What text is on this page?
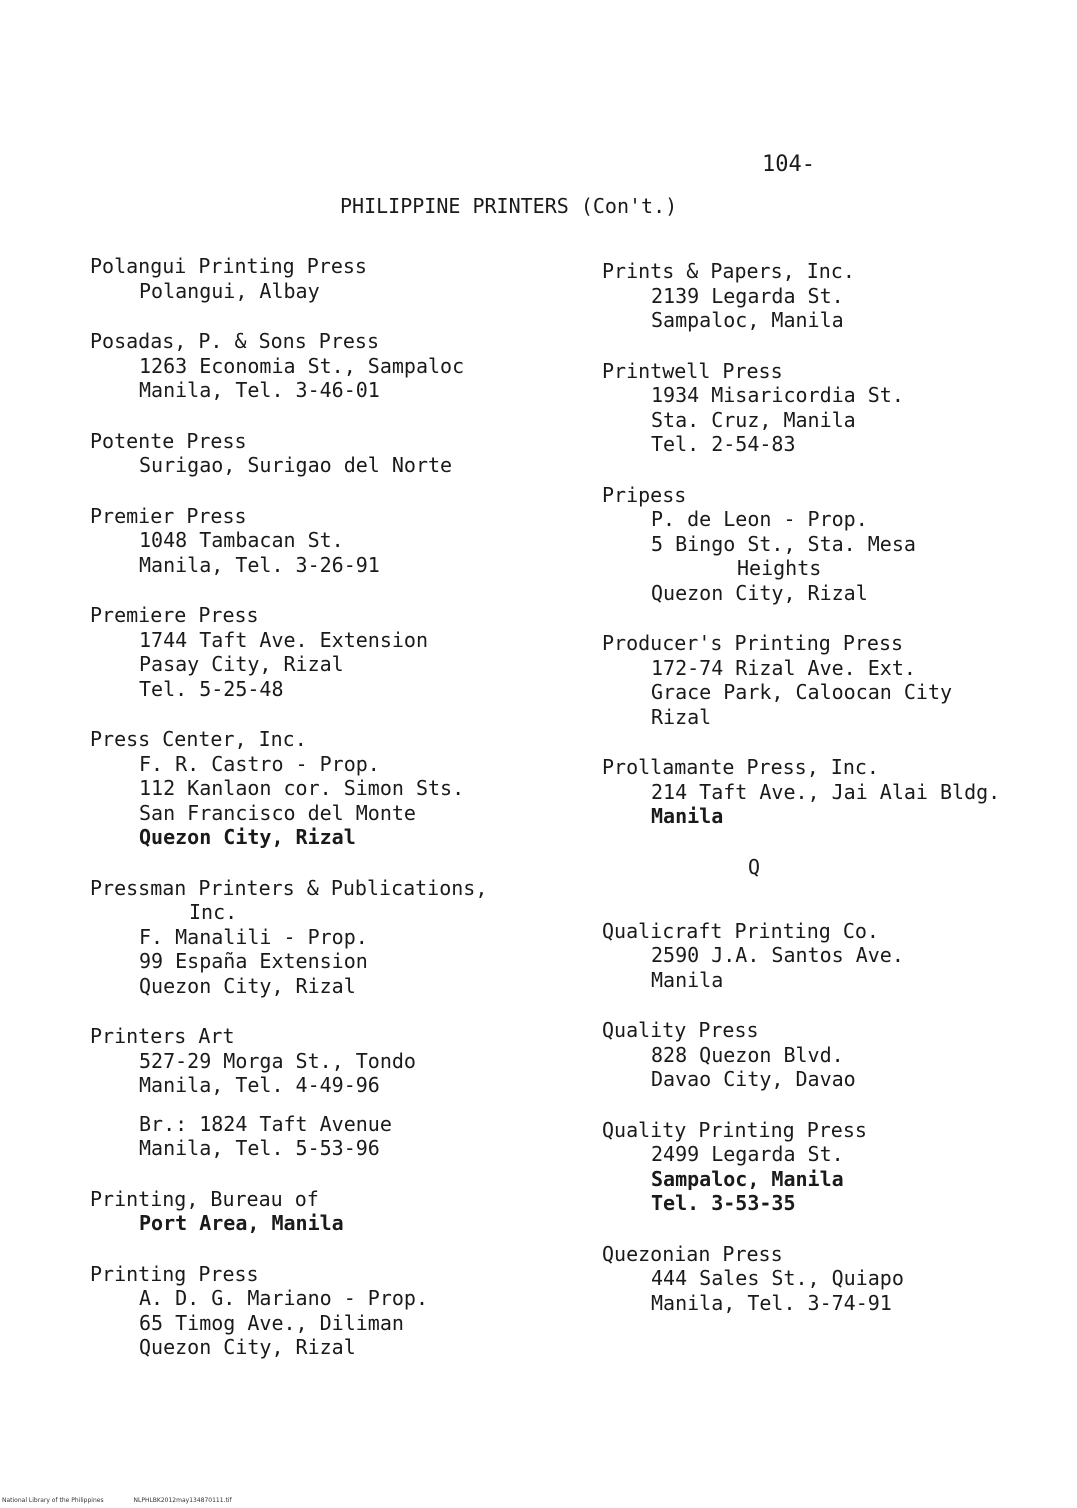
104-
PHILIPPINE PRINTERS (Con't.)
Polangui Printing Press
Polangui, Albay
Posadas, P. & Sons Press
1263 Economia St., Sampaloc
Manila, Tel. 3-46-01
Potente Press
Surigao, Surigao del Norte
Premier Press
1048 Tambacan St.
Manila, Tel. 3-26-91
Premiere Press
1744 Taft Ave. Extension
Pasay City, Rizal
Tel. 5-25-48
Press Center, Inc.
F. R. Castro - Prop.
112 Kanlaon cor. Simon Sts.
San Francisco del Monte
Quezon City, Rizal
Pressman Printers & Publications,
Inc.
F. Manalili - Prop.
99 España Extension
Quezon City, Rizal
Printers Art
527-29 Morga St., Tondo
Manila, Tel. 4-49-96
Br.: 1824 Taft Avenue
Manila, Tel. 5-53-96
Printing, Bureau of
Port Area, Manila
Printing Press
A. D. G. Mariano - Prop.
65 Timog Ave., Diliman
Quezon City, Rizal
Prints & Papers, Inc.
2139 Legarda St.
Sampaloc, Manila
Printwell Press
1934 Misaricordia St.
Sta. Cruz, Manila
Tel. 2-54-83
Pripess
P. de Leon - Prop.
5 Bingo St., Sta. Mesa
Heights
Quezon City, Rizal
Producer's Printing Press
172-74 Rizal Ave. Ext.
Grace Park, Caloocan City
Rizal
Prollamante Press, Inc.
214 Taft Ave., Jai Alai Bldg.
Manila
Q
Qualicraft Printing Co.
2590 J.A. Santos Ave.
Manila
Quality Press
828 Quezon Blvd.
Davao City, Davao
Quality Printing Press
2499 Legarda St.
Sampaloc, Manila
Tel. 3-53-35
Quezonian Press
444 Sales St., Quiapo
Manila, Tel. 3-74-91
National Library of the Philippines	NLPHLBK2012may134870111.tif
